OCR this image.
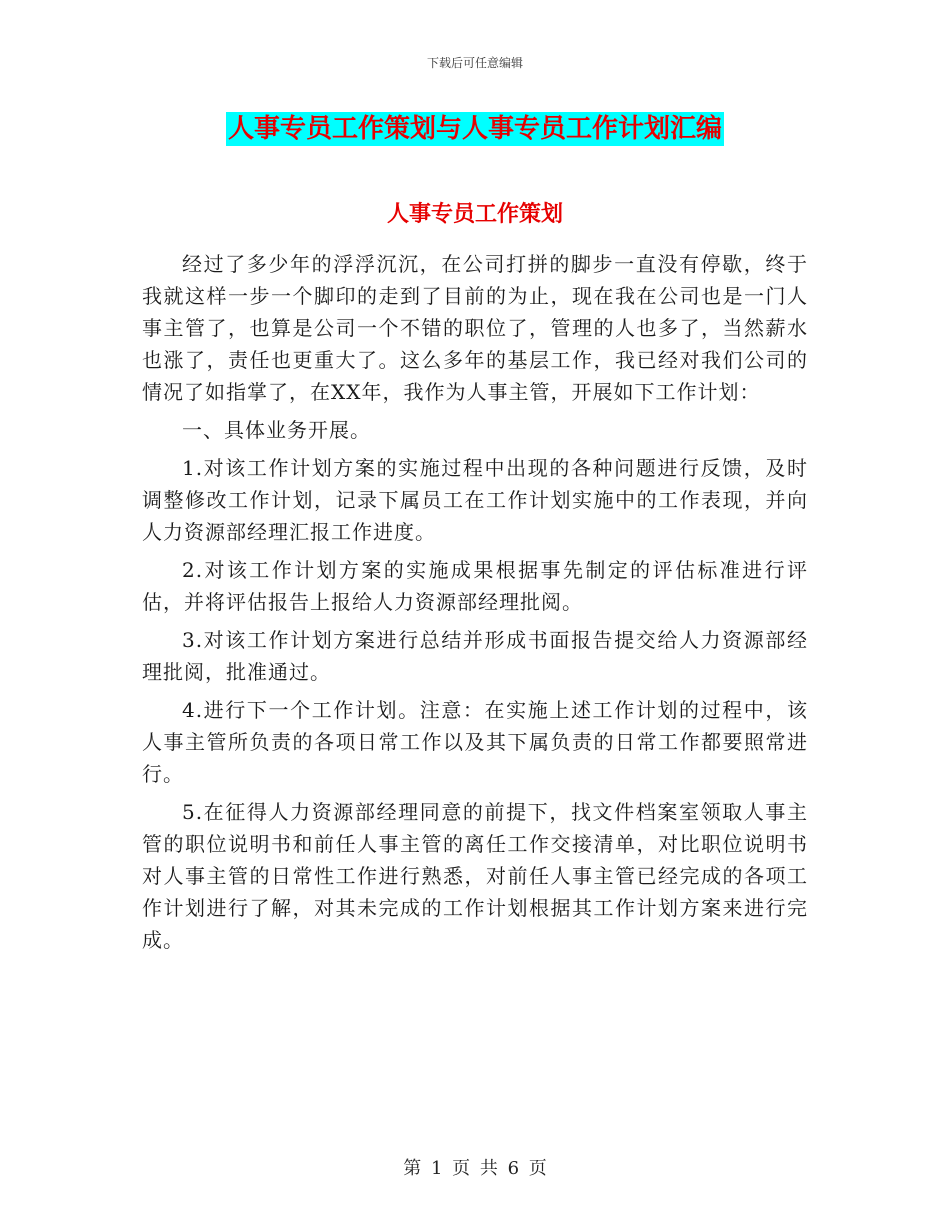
下载后可任意编辑
人事专员工作策划与人事专员工作计划汇编
人事专员工作策划

经过了多少年的浮浮沉沉，在公司打拼的脚步一直没有停歇，终于我就这样一步一个脚印的走到了目前的为止，现在我在公司也是一门人事主管了，也算是公司一个不错的职位了，管理的人也多了，当然薪水也涨了，责任也更重大了。这么多年的基层工作，我已经对我们公司的情况了如指掌了，在XX年，我作为人事主管，开展如下工作计划：

一、具体业务开展。

1.对该工作计划方案的实施过程中出现的各种问题进行反馈，及时调整修改工作计划，记录下属员工在工作计划实施中的工作表现，并向人力资源部经理汇报工作进度。

2.对该工作计划方案的实施成果根据事先制定的评估标准进行评估，并将评估报告上报给人力资源部经理批阅。

3.对该工作计划方案进行总结并形成书面报告提交给人力资源部经理批阅，批准通过。

4.进行下一个工作计划。注意：在实施上述工作计划的过程中，该人事主管所负责的各项日常工作以及其下属负责的日常工作都要照常进行。

5.在征得人力资源部经理同意的前提下，找文件档案室领取人事主管的职位说明书和前任人事主管的离任工作交接清单，对比职位说明书对人事主管的日常性工作进行熟悉，对前任人事主管已经完成的各项工作计划进行了解，对其未完成的工作计划根据其工作计划方案来进行完成。

第 1 页 共 6 页
